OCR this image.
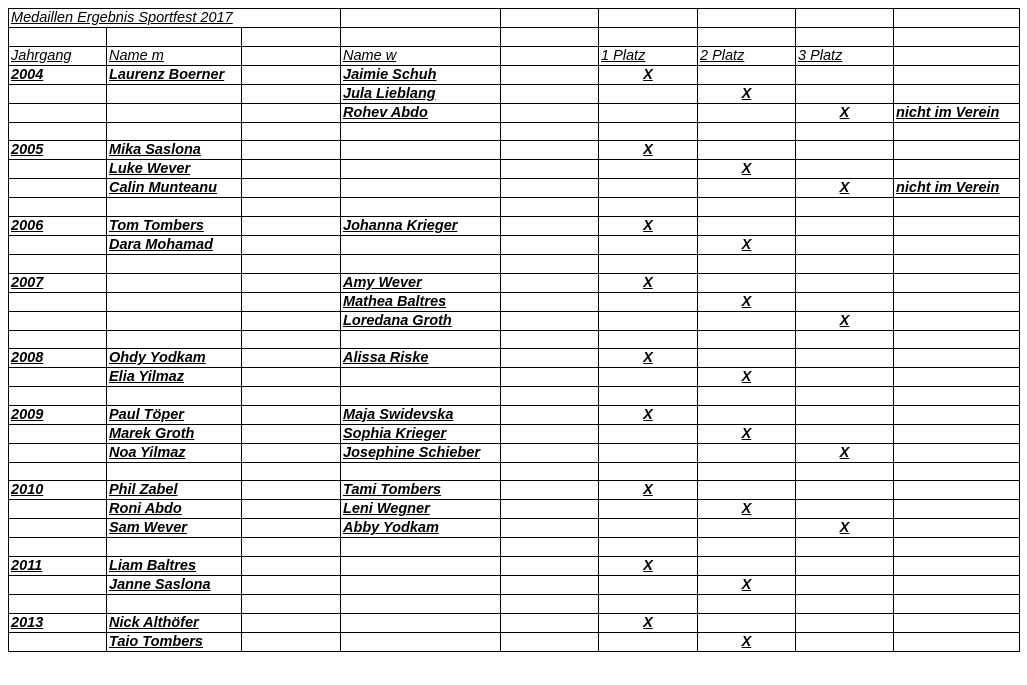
Medaillen Ergebnis Sportfest 2017								

Jahrgang	Name m		Name w		1 Platz	2 Platz	3 Platz	
2004	Laurenz Boerner		Jaimie Schuh		X			
			Jula Lieblang			X		
			Rohev Abdo				X	nicht im Verein

2005	Mika Saslona				X			
	Luke Wever					X		
	Calin Munteanu						X	nicht im Verein

2006	Tom Tombers		Johanna Krieger		X			
	Dara Mohamad					X		

2007			Amy Wever		X			
			Mathea Baltres			X		
			Loredana Groth				X	

2008	Ohdy Yodkam		Alissa Riske		X			
	Elia Yilmaz					X		

2009	Paul Töper		Maja Swidevska		X			
	Marek Groth		Sophia Krieger			X		
	Noa Yilmaz		Josephine Schieber				X	

2010	Phil Zabel		Tami Tombers		X			
	Roni Abdo		Leni Wegner			X		
	Sam Wever		Abby Yodkam				X	

2011	Liam Baltres				X			
	Janne Saslona					X		

2013	Nick Althöfer				X			
	Taio Tombers					X		
